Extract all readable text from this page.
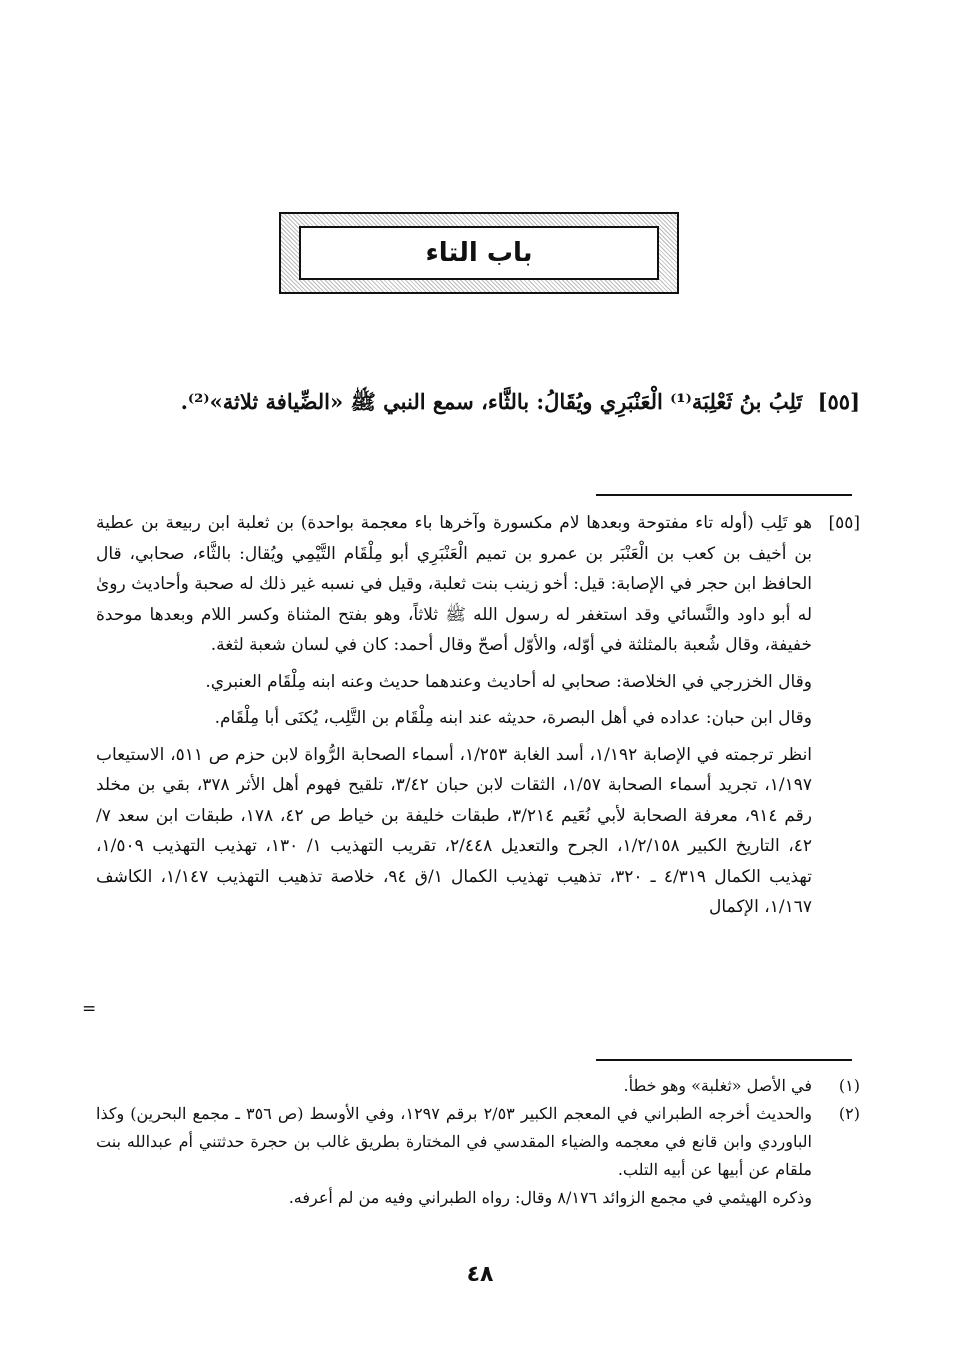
باب التاء
[٥٥] تَلِبُ بنُ ثَعْلِبَة⁽¹⁾ الْعَنْبَرِي ويُقَالُ: بالثَّاء، سمع النبي ﷺ «الضِّيافة ثلاثة»⁽²⁾.
[٥٥]

هو تَلِب (أوله تاء مفتوحة وبعدها لام مكسورة وآخرها باء معجمة بواحدة) بن ثعلبة ابن ربيعة بن عطية بن أخيف بن كعب بن الْعَنْبَر بن عمرو بن تميم الْعَنْبَرِي أبو مِلْقَام التَّيْمِي ويُقال: بالثَّاء، صحابي، قال الحافظ ابن حجر في الإصابة: قيل: أخو زينب بنت ثعلبة، وقيل في نسبه غير ذلك له صحبة وأحاديث روىٰ له أبو داود والنَّسائي وقد استغفر له رسول الله ﷺ ثلاثاً، وهو بفتح المثناة وكسر اللام وبعدها موحدة خفيفة، وقال شُعبة بالمثلثة في أوّله، والأوّل أصحّ وقال أحمد: كان في لسان شعبة لثغة.

وقال الخزرجي في الخلاصة: صحابي له أحاديث وعندهما حديث وعنه ابنه مِلْقَام العنبري.

وقال ابن حبان: عداده في أهل البصرة، حديثه عند ابنه مِلْقَام بن التَّلِب، يُكنَى أبا مِلْقَام.

انظر ترجمته في الإصابة ١/١٩٢، أسد الغابة ١/٢٥٣، أسماء الصحابة الرُّواة لابن حزم ص ٥١١، الاستيعاب ١/١٩٧، تجريد أسماء الصحابة ١/٥٧، الثقات لابن حبان ٣/٤٢، تلقيح فهوم أهل الأثر ٣٧٨، بقي بن مخلد رقم ٩١٤، معرفة الصحابة لأبي نُعَيم ٣/٢١٤، طبقات خليفة بن خياط ص ٤٢، ١٧٨، طبقات ابن سعد ٧/ ٤٢، التاريخ الكبير ١/٢/١٥٨، الجرح والتعديل ٢/٤٤٨، تقريب التهذيب ١/ ١٣٠، تهذيب التهذيب ١/٥٠٩، تهذيب الكمال ٤/٣١٩ ـ ٣٢٠، تذهيب تهذيب الكمال ١/ق ٩٤، خلاصة تذهيب التهذيب ١/١٤٧، الكاشف ١/١٦٧، الإكمال

=
(١)
في الأصل «ثغلبة» وهو خطأ.
(٢)
والحديث أخرجه الطبراني في المعجم الكبير ٢/٥٣ برقم ١٢٩٧، وفي الأوسط (ص ٣٥٦ ـ مجمع البحرين) وكذا الباوردي وابن قانع في معجمه والضياء المقدسي في المختارة بطريق غالب بن حجرة حدثتني أم عبدالله بنت ملقام عن أبيها عن أبيه التلب.
وذكره الهيثمي في مجمع الزوائد ٨/١٧٦ وقال: رواه الطبراني وفيه من لم أعرفه.
٤٨
